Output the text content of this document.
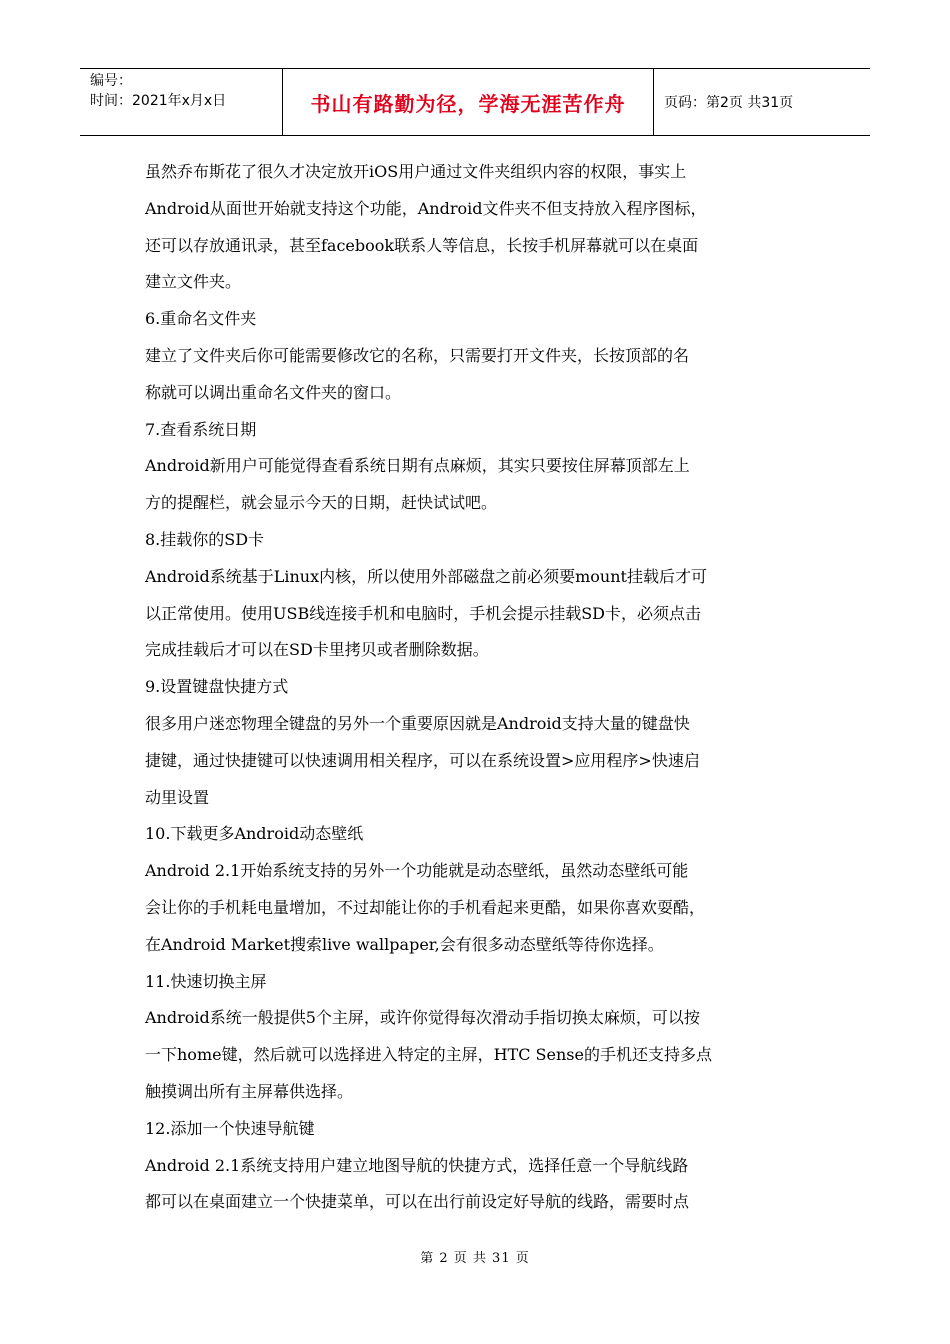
编号：
时间：2021年x月x日	书山有路勤为径，学海无涯苦作舟	页码：第2页 共31页
虽然乔布斯花了很久才决定放开iOS用户通过文件夹组织内容的权限，事实上
Android从面世开始就支持这个功能，Android文件夹不但支持放入程序图标，
还可以存放通讯录，甚至facebook联系人等信息，长按手机屏幕就可以在桌面
建立文件夹。
6.重命名文件夹
建立了文件夹后你可能需要修改它的名称，只需要打开文件夹，长按顶部的名
称就可以调出重命名文件夹的窗口。
7.查看系统日期
Android新用户可能觉得查看系统日期有点麻烦，其实只要按住屏幕顶部左上
方的提醒栏，就会显示今天的日期，赶快试试吧。
8.挂载你的SD卡
Android系统基于Linux内核，所以使用外部磁盘之前必须要mount挂载后才可
以正常使用。使用USB线连接手机和电脑时，手机会提示挂载SD卡，必须点击
完成挂载后才可以在SD卡里拷贝或者删除数据。
9.设置键盘快捷方式
很多用户迷恋物理全键盘的另外一个重要原因就是Android支持大量的键盘快
捷键，通过快捷键可以快速调用相关程序，可以在系统设置>应用程序>快速启
动里设置
10.下载更多Android动态壁纸
Android 2.1开始系统支持的另外一个功能就是动态壁纸，虽然动态壁纸可能
会让你的手机耗电量增加，不过却能让你的手机看起来更酷，如果你喜欢耍酷，
在Android Market搜索live wallpaper,会有很多动态壁纸等待你选择。
11.快速切换主屏
Android系统一般提供5个主屏，或许你觉得每次滑动手指切换太麻烦，可以按
一下home键，然后就可以选择进入特定的主屏，HTC Sense的手机还支持多点
触摸调出所有主屏幕供选择。
12.添加一个快速导航键
Android 2.1系统支持用户建立地图导航的快捷方式，选择任意一个导航线路
都可以在桌面建立一个快捷菜单，可以在出行前设定好导航的线路，需要时点
第 2 页 共 31 页
